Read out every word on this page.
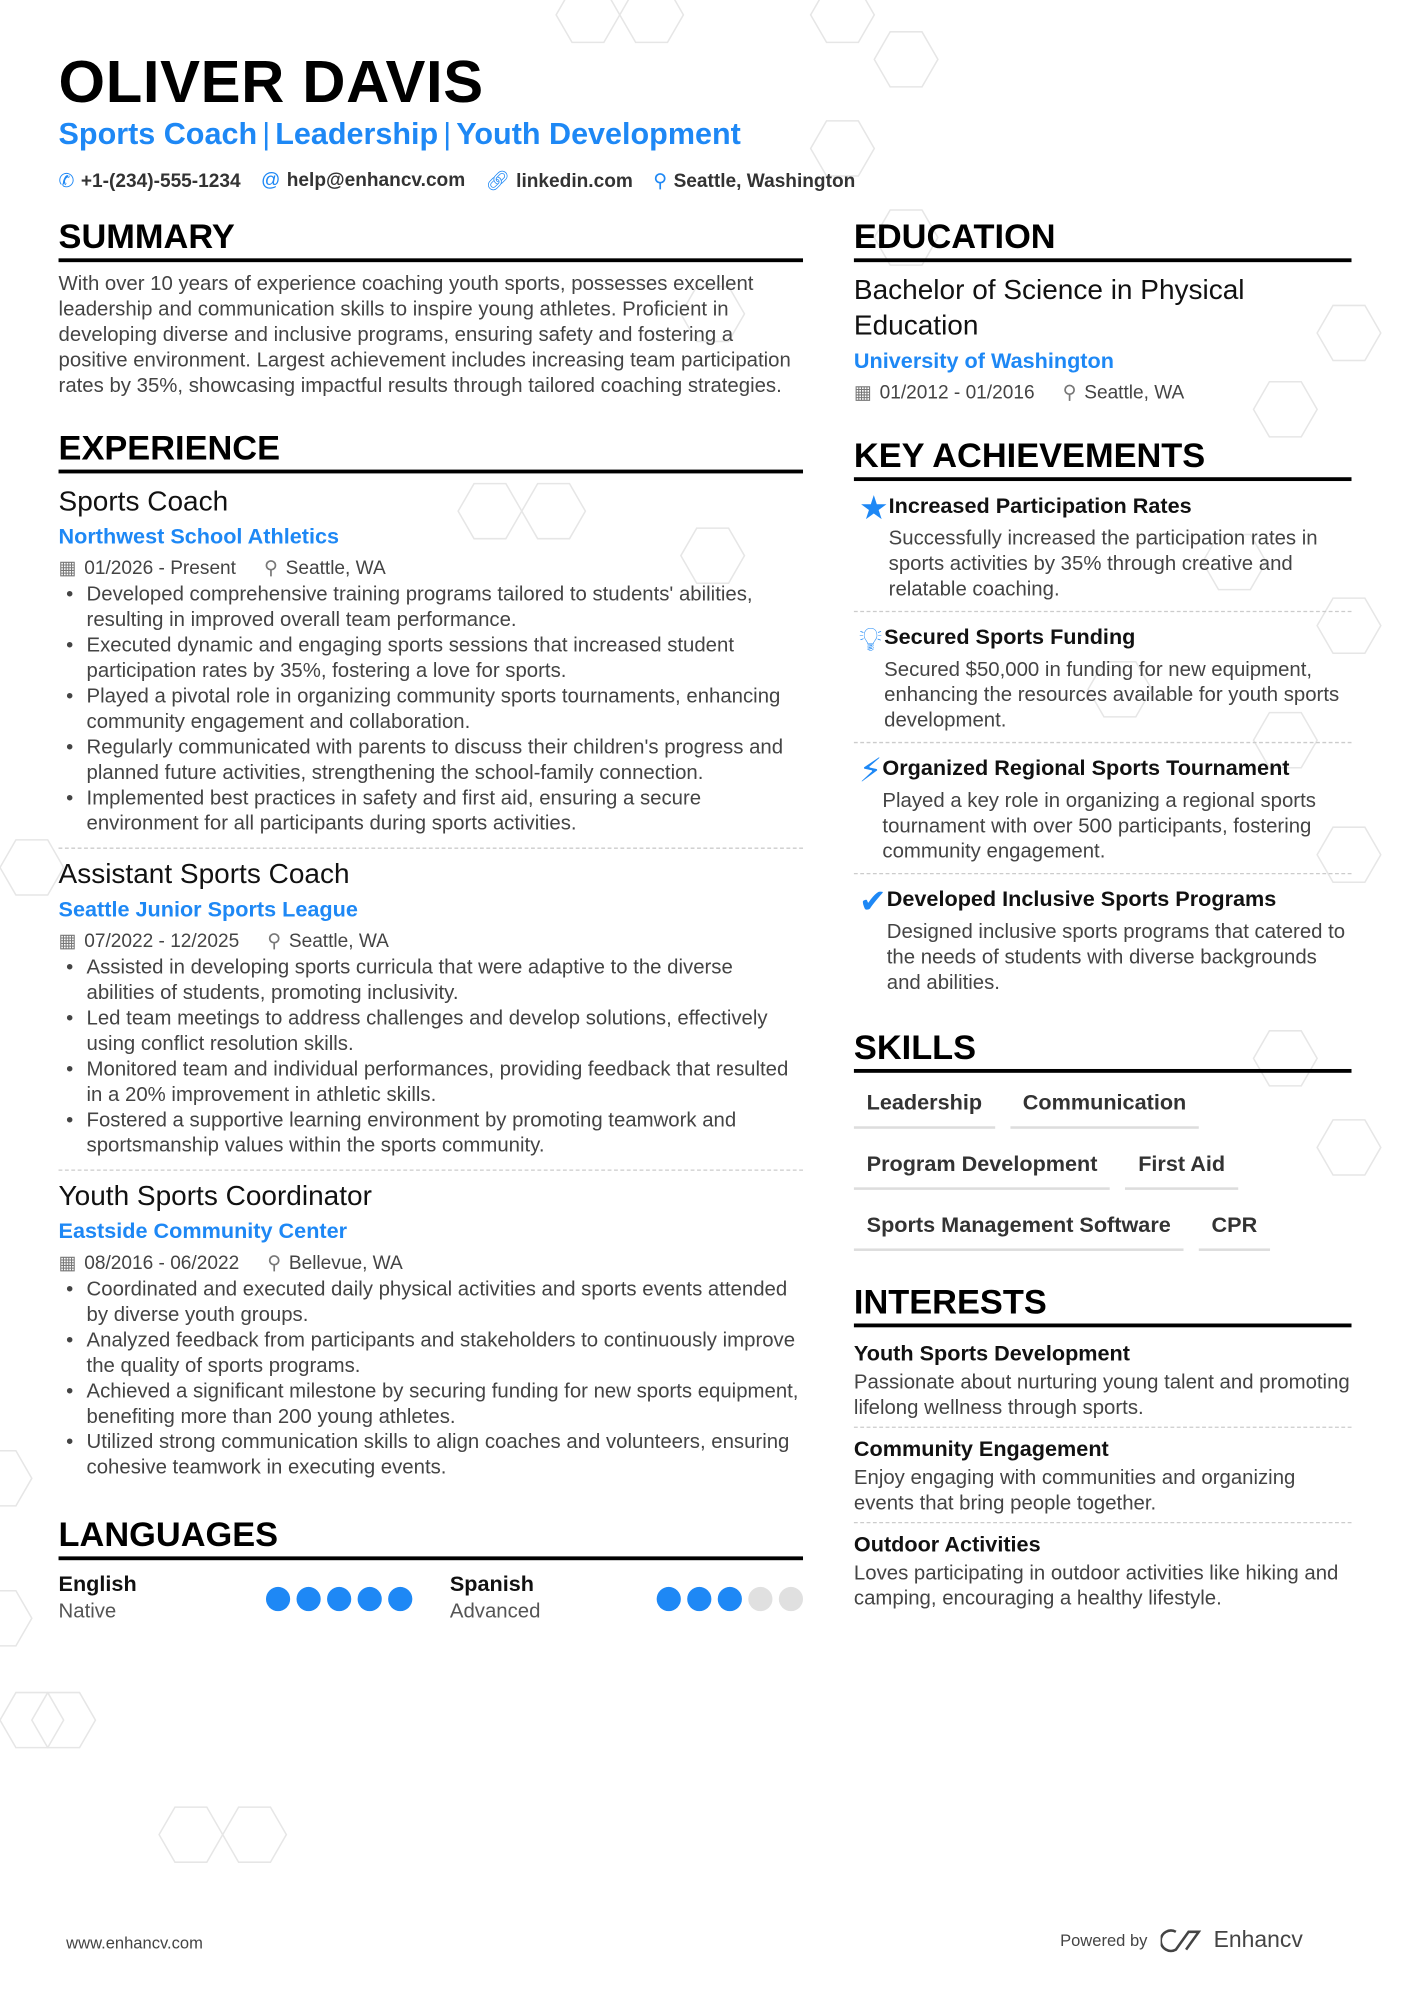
OLIVER DAVIS
Sports Coach | Leadership | Youth Development
✆ +1-(234)-555-1234 @ help@enhancv.com 🔗︎ linkedin.com ⚲ Seattle, Washington
SUMMARY

With over 10 years of experience coaching youth sports, possesses excellent leadership and communication skills to inspire young athletes. Proficient in developing diverse and inclusive programs, ensuring safety and fostering a positive environment. Largest achievement includes increasing team participation rates by 35%, showcasing impactful results through tailored coaching strategies.

EXPERIENCE
Sports Coach
Northwest School Athletics
▦ 01/2026 - Present ⚲ Seattle, WA
• Developed comprehensive training programs tailored to students' abilities, resulting in improved overall team performance.
• Executed dynamic and engaging sports sessions that increased student participation rates by 35%, fostering a love for sports.
• Played a pivotal role in organizing community sports tournaments, enhancing community engagement and collaboration.
• Regularly communicated with parents to discuss their children's progress and planned future activities, strengthening the school-family connection.
• Implemented best practices in safety and first aid, ensuring a secure environment for all participants during sports activities.
Assistant Sports Coach
Seattle Junior Sports League
▦ 07/2022 - 12/2025 ⚲ Seattle, WA
• Assisted in developing sports curricula that were adaptive to the diverse abilities of students, promoting inclusivity.
• Led team meetings to address challenges and develop solutions, effectively using conflict resolution skills.
• Monitored team and individual performances, providing feedback that resulted in a 20% improvement in athletic skills.
• Fostered a supportive learning environment by promoting teamwork and sportsmanship values within the sports community.
Youth Sports Coordinator
Eastside Community Center
▦ 08/2016 - 06/2022 ⚲ Bellevue, WA
• Coordinated and executed daily physical activities and sports events attended by diverse youth groups.
• Analyzed feedback from participants and stakeholders to continuously improve the quality of sports programs.
• Achieved a significant milestone by securing funding for new sports equipment, benefiting more than 200 young athletes.
• Utilized strong communication skills to align coaches and volunteers, ensuring cohesive teamwork in executing events.
LANGUAGES
English
Native
Spanish
Advanced
EDUCATION
Bachelor of Science in Physical Education
University of Washington
▦ 01/2012 - 01/2016 ⚲ Seattle, WA
KEY ACHIEVEMENTS
★ Increased Participation Rates
Successfully increased the participation rates in sports activities by 35% through creative and relatable coaching.
💡︎ Secured Sports Funding
Secured $50,000 in funding for new equipment, enhancing the resources available for youth sports development.
⚡︎ Organized Regional Sports Tournament
Played a key role in organizing a regional sports tournament with over 500 participants, fostering community engagement.
✔ Developed Inclusive Sports Programs
Designed inclusive sports programs that catered to the needs of students with diverse backgrounds and abilities.
SKILLS
Leadership	Communication
Program Development	First Aid
Sports Management Software	CPR
INTERESTS
Youth Sports Development
Passionate about nurturing young talent and promoting lifelong wellness through sports.
Community Engagement
Enjoy engaging with communities and organizing events that bring people together.
Outdoor Activities
Loves participating in outdoor activities like hiking and camping, encouraging a healthy lifestyle.
www.enhancv.com	Powered by	Enhancv
